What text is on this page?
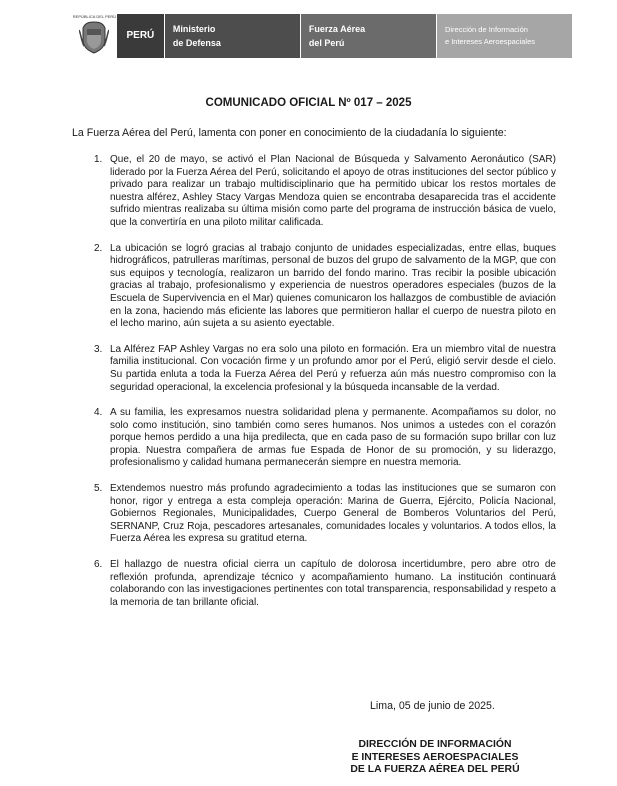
REPÚBLICA DEL PERÚ
PERÚ
Ministerio
de Defensa
Fuerza Aérea
del Perú
Dirección de Información
e Intereses Aeroespaciales
COMUNICADO OFICIAL Nº 017 – 2025
La Fuerza Aérea del Perú, lamenta con poner en conocimiento de la ciudadanía lo siguiente:
1. Que, el 20 de mayo, se activó el Plan Nacional de Búsqueda y Salvamento Aeronáutico (SAR) liderado por la Fuerza Aérea del Perú, solicitando el apoyo de otras instituciones del sector público y privado para realizar un trabajo multidisciplinario que ha permitido ubicar los restos mortales de nuestra alférez, Ashley Stacy Vargas Mendoza quien se encontraba desaparecida tras el accidente sufrido mientras realizaba su última misión como parte del programa de instrucción básica de vuelo, que la convertiría en una piloto militar calificada.
2. La ubicación se logró gracias al trabajo conjunto de unidades especializadas, entre ellas, buques hidrográficos, patrulleras marítimas, personal de buzos del grupo de salvamento de la MGP, que con sus equipos y tecnología, realizaron un barrido del fondo marino. Tras recibir la posible ubicación gracias al trabajo, profesionalismo y experiencia de nuestros operadores especiales (buzos de la Escuela de Supervivencia en el Mar) quienes comunicaron los hallazgos de combustible de aviación en la zona, haciendo más eficiente las labores que permitieron hallar el cuerpo de nuestra piloto en el lecho marino, aún sujeta a su asiento eyectable.
3. La Alférez FAP Ashley Vargas no era solo una piloto en formación. Era un miembro vital de nuestra familia institucional. Con vocación firme y un profundo amor por el Perú, eligió servir desde el cielo. Su partida enluta a toda la Fuerza Aérea del Perú y refuerza aún más nuestro compromiso con la seguridad operacional, la excelencia profesional y la búsqueda incansable de la verdad.
4. A su familia, les expresamos nuestra solidaridad plena y permanente. Acompañamos su dolor, no solo como institución, sino también como seres humanos. Nos unimos a ustedes con el corazón porque hemos perdido a una hija predilecta, que en cada paso de su formación supo brillar con luz propia. Nuestra compañera de armas fue Espada de Honor de su promoción, y su liderazgo, profesionalismo y calidad humana permanecerán siempre en nuestra memoria.
5. Extendemos nuestro más profundo agradecimiento a todas las instituciones que se sumaron con honor, rigor y entrega a esta compleja operación: Marina de Guerra, Ejército, Policía Nacional, Gobiernos Regionales, Municipalidades, Cuerpo General de Bomberos Voluntarios del Perú, SERNANP, Cruz Roja, pescadores artesanales, comunidades locales y voluntarios. A todos ellos, la Fuerza Aérea les expresa su gratitud eterna.
6. El hallazgo de nuestra oficial cierra un capítulo de dolorosa incertidumbre, pero abre otro de reflexión profunda, aprendizaje técnico y acompañamiento humano. La institución continuará colaborando con las investigaciones pertinentes con total transparencia, responsabilidad y respeto a la memoria de tan brillante oficial.
Lima, 05 de junio de 2025.
DIRECCIÓN DE INFORMACIÓN
E INTERESES AEROESPACIALES
DE LA FUERZA AÉREA DEL PERÚ
